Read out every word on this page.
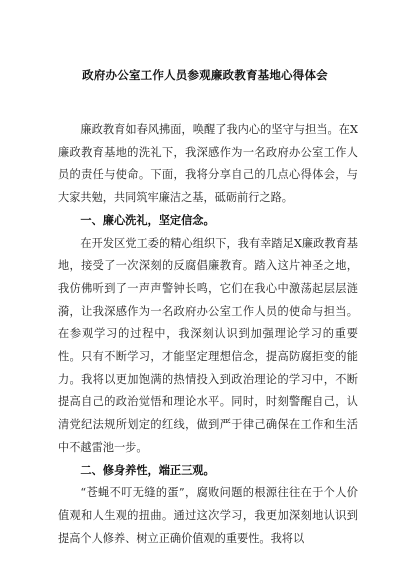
政府办公室工作人员参观廉政教育基地心得体会

廉政教育如春风拂面，唤醒了我内心的坚守与担当。在X廉政教育基地的洗礼下，我深感作为一名政府办公室工作人员的责任与使命。下面，我将分享自己的几点心得体会，与大家共勉，共同筑牢廉洁之基，砥砺前行之路。

一、廉心洗礼，坚定信念。

在开发区党工委的精心组织下，我有幸踏足X廉政教育基地，接受了一次深刻的反腐倡廉教育。踏入这片神圣之地，我仿佛听到了一声声警钟长鸣，它们在我心中激荡起层层涟漪，让我深感作为一名政府办公室工作人员的使命与担当。在参观学习的过程中，我深刻认识到加强理论学习的重要性。只有不断学习，才能坚定理想信念，提高防腐拒变的能力。我将以更加饱满的热情投入到政治理论的学习中，不断提高自己的政治觉悟和理论水平。同时，时刻警醒自己，认清党纪法规所划定的红线，做到严于律己确保在工作和生活中不越雷池一步。

二、修身养性，端正三观。

“苍蝇不叮无缝的蛋”，腐败问题的根源往往在于个人价值观和人生观的扭曲。通过这次学习，我更加深刻地认识到提高个人修养、树立正确价值观的重要性。我将以
